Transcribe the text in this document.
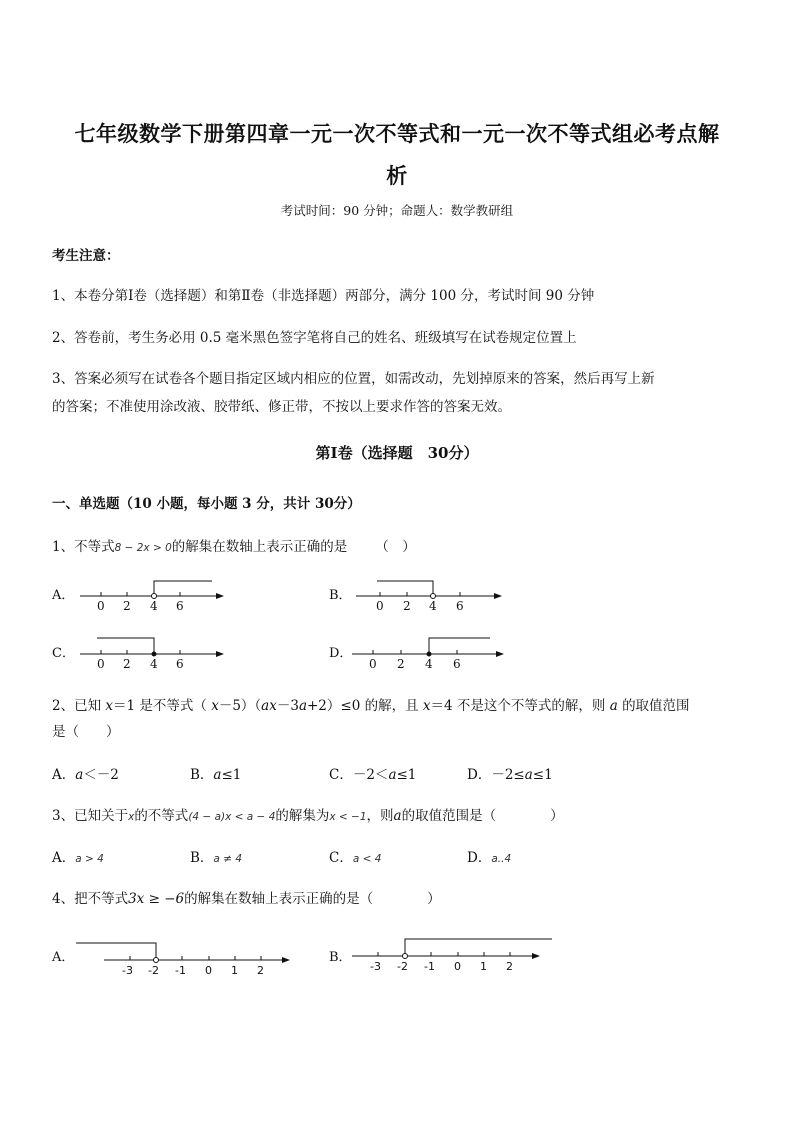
七年级数学下册第四章一元一次不等式和一元一次不等式组必考点解
析
考试时间：90 分钟；命题人：数学教研组
考生注意：
1、本卷分第Ⅰ卷（选择题）和第Ⅱ卷（非选择题）两部分，满分 100 分，考试时间 90 分钟
2、答卷前，考生务必用 0.5 毫米黑色签字笔将自己的姓名、班级填写在试卷规定位置上
3、答案必须写在试卷各个题目指定区域内相应的位置，如需改动，先划掉原来的答案，然后再写上新
的答案；不准使用涂改液、胶带纸、修正带，不按以上要求作答的答案无效。
第Ⅰ卷（选择题　30分）
一、单选题（10 小题，每小题 3 分，共计 30分）
1、不等式8 − 2x > 0的解集在数轴上表示正确的是 （　）
A．
0 2 4 6
B．
0 2 4 6
C．
0 2 4 6
D．
0 2 4 6
2、已知 x＝1 是不等式（ x－5）（ax－3a+2）≤0 的解，且 x＝4 不是这个不等式的解，则 a 的取值范围
是（　　）
A．a＜－2	B．a≤1	C．－2＜a≤1	D．－2≤a≤1
3、已知关于x的不等式(4 − a)x < a − 4的解集为x < −1，则a的取值范围是（　　　　）
A．a > 4	B．a ≠ 4	C．a < 4	D．a..4
4、把不等式3x ≥ −6的解集在数轴上表示正确的是（　　　　）
A．
-3 -2 -1 0 1 2
B．
-3 -2 -1 0 1 2
